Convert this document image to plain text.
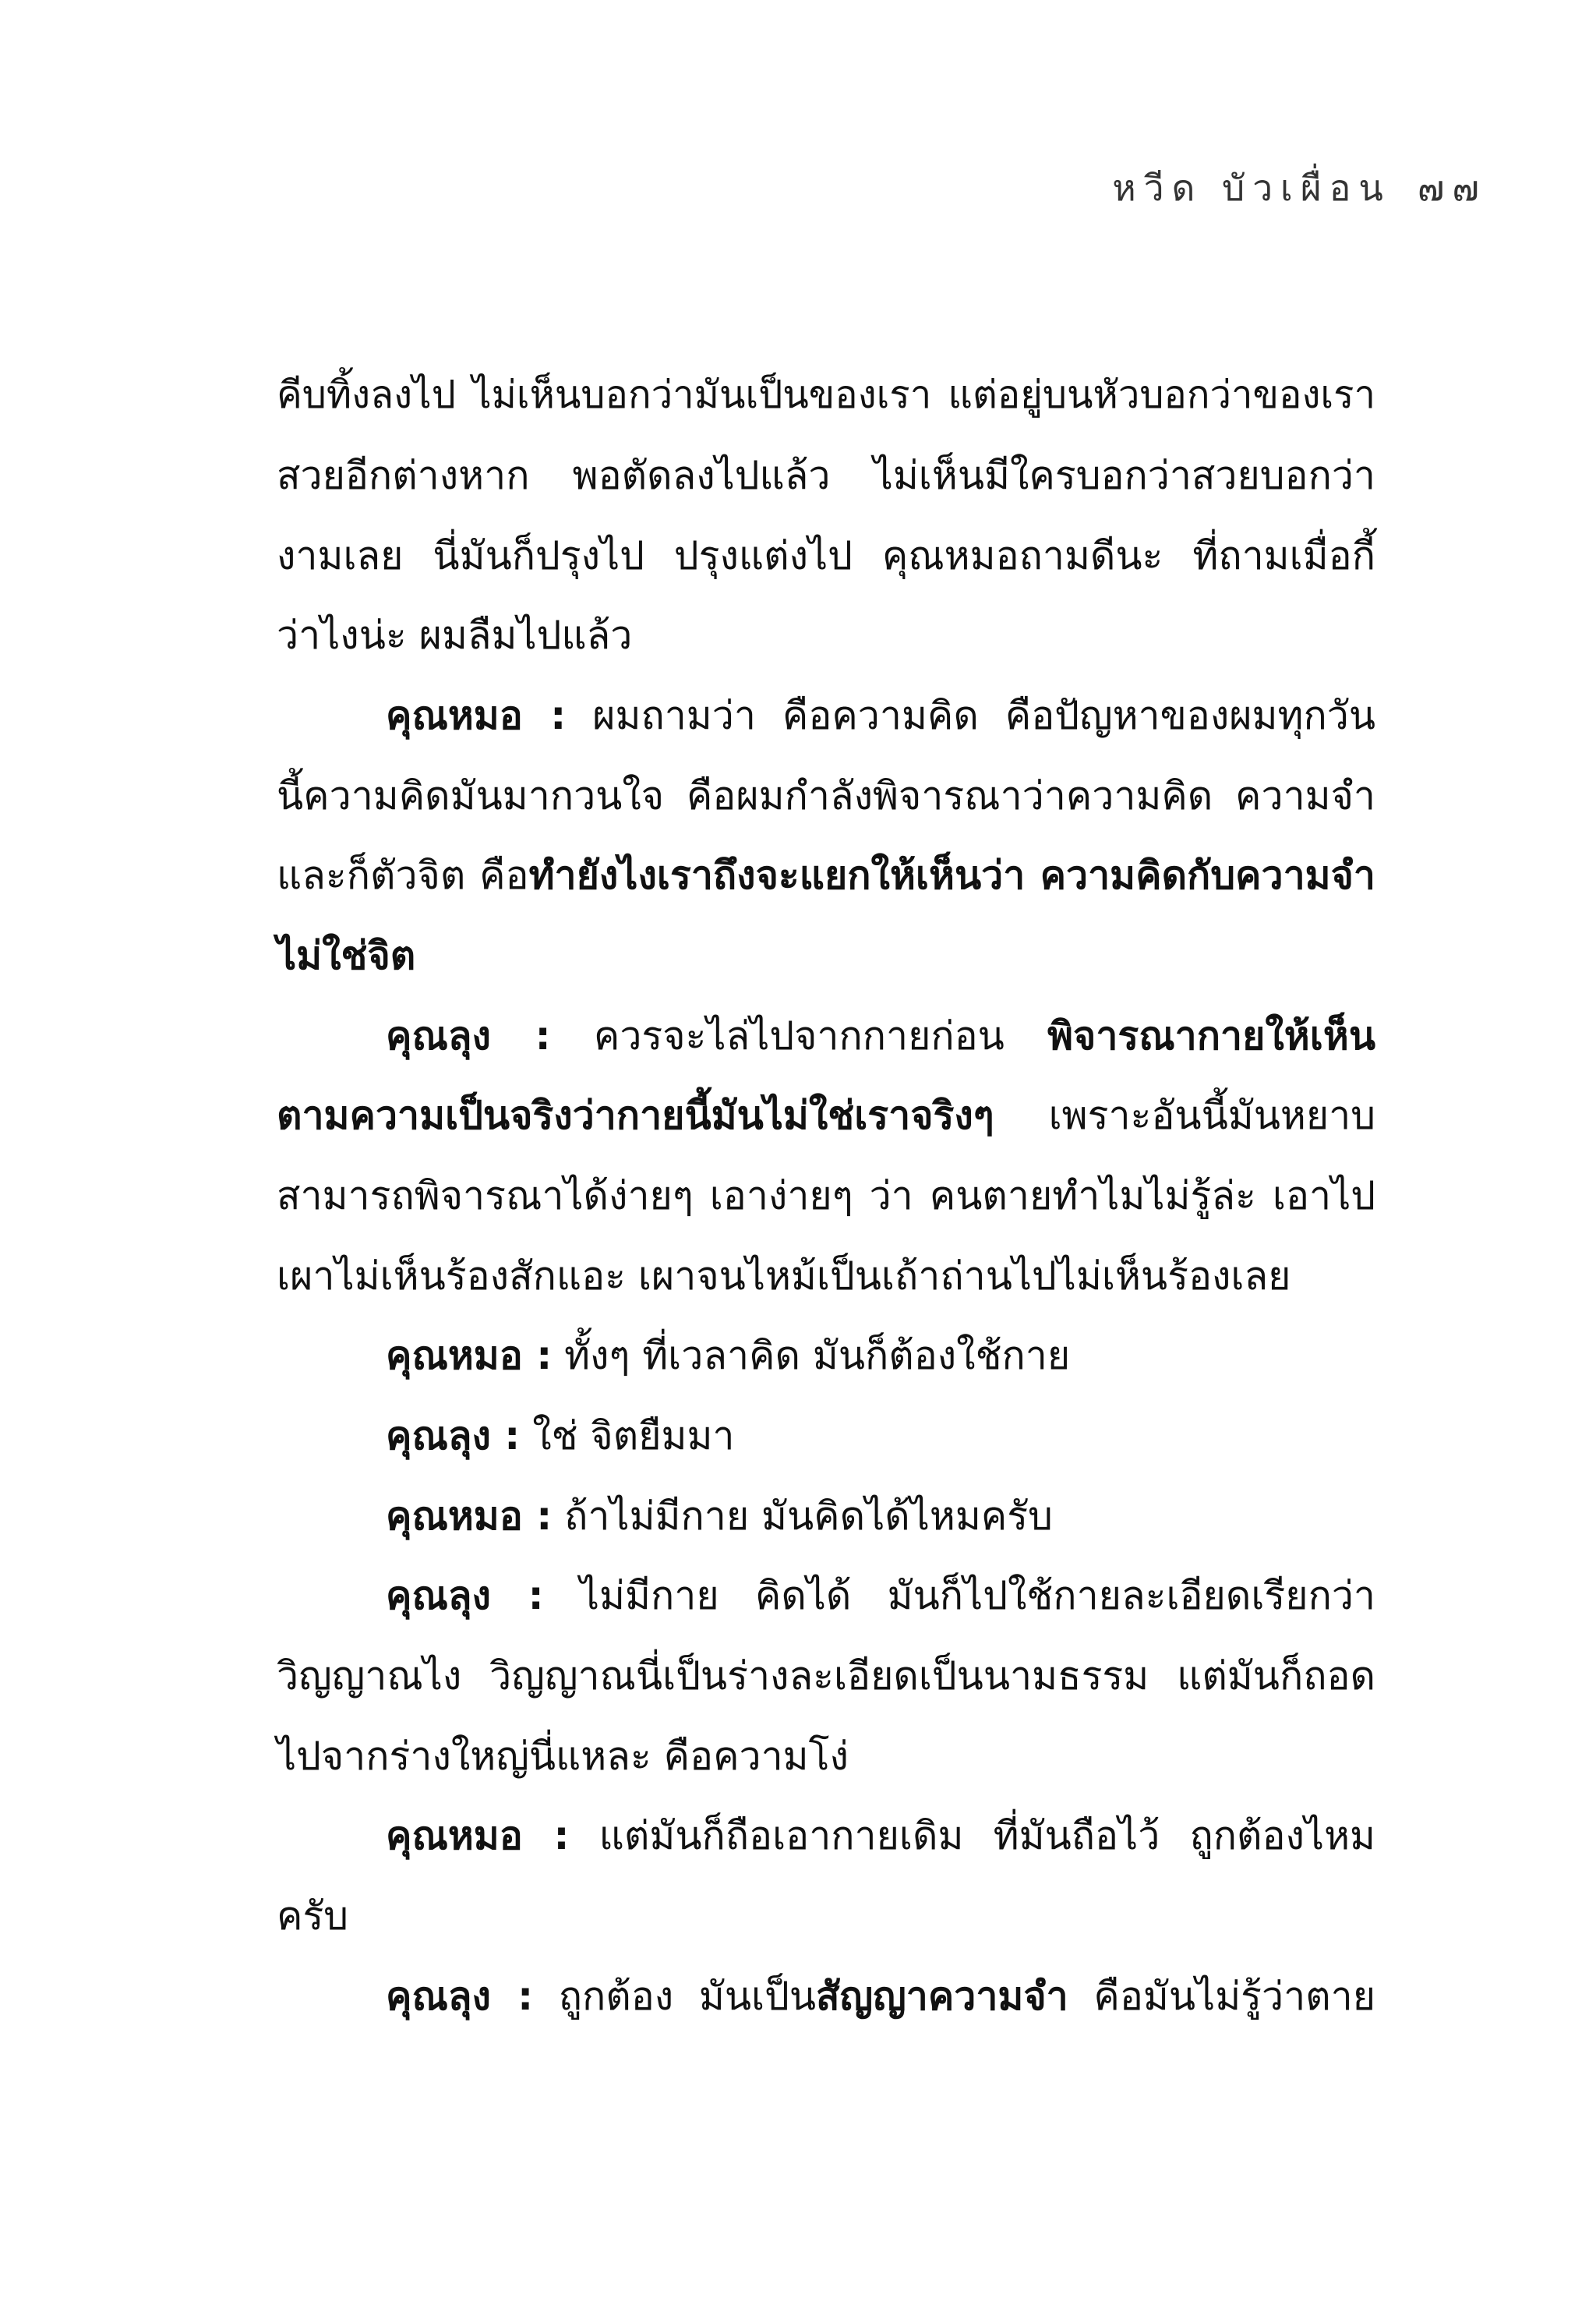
หวีด บัวเผื่อน ๗๗
คีบทิ้งลงไป ไม่เห็นบอกว่ามันเป็นของเรา แต่อยู่บนหัวบอกว่าของเรา
สวยอีกต่างหาก พอตัดลงไปแล้ว ไม่เห็นมีใครบอกว่าสวยบอกว่า
งามเลย นี่มันก็ปรุงไป ปรุงแต่งไป คุณหมอถามดีนะ ที่ถามเมื่อกี้
ว่าไงน่ะ ผมลืมไปแล้ว
คุณหมอ : ผมถามว่า คือความคิด คือปัญหาของผมทุกวัน
นี้ความคิดมันมากวนใจ คือผมกำลังพิจารณาว่าความคิด ความจำ
และก็ตัวจิต คือทำยังไงเราถึงจะแยกให้เห็นว่า ความคิดกับความจำ
ไม่ใช่จิต
คุณลุง : ควรจะไล่ไปจากกายก่อน พิจารณากายให้เห็น
ตามความเป็นจริงว่ากายนี้มันไม่ใช่เราจริงๆ เพราะอันนี้มันหยาบ
สามารถพิจารณาได้ง่ายๆ เอาง่ายๆ ว่า คนตายทำไมไม่รู้ล่ะ เอาไป
เผาไม่เห็นร้องสักแอะ เผาจนไหม้เป็นเถ้าถ่านไปไม่เห็นร้องเลย
คุณหมอ : ทั้งๆ ที่เวลาคิด มันก็ต้องใช้กาย
คุณลุง : ใช่ จิตยืมมา
คุณหมอ : ถ้าไม่มีกาย มันคิดได้ไหมครับ
คุณลุง : ไม่มีกาย คิดได้ มันก็ไปใช้กายละเอียดเรียกว่า
วิญญาณไง วิญญาณนี่เป็นร่างละเอียดเป็นนามธรรม แต่มันก็ถอด
ไปจากร่างใหญ่นี่แหละ คือความโง่
คุณหมอ : แต่มันก็ถือเอากายเดิม ที่มันถือไว้ ถูกต้องไหม
ครับ
คุณลุง : ถูกต้อง มันเป็นสัญญาความจำ คือมันไม่รู้ว่าตาย
